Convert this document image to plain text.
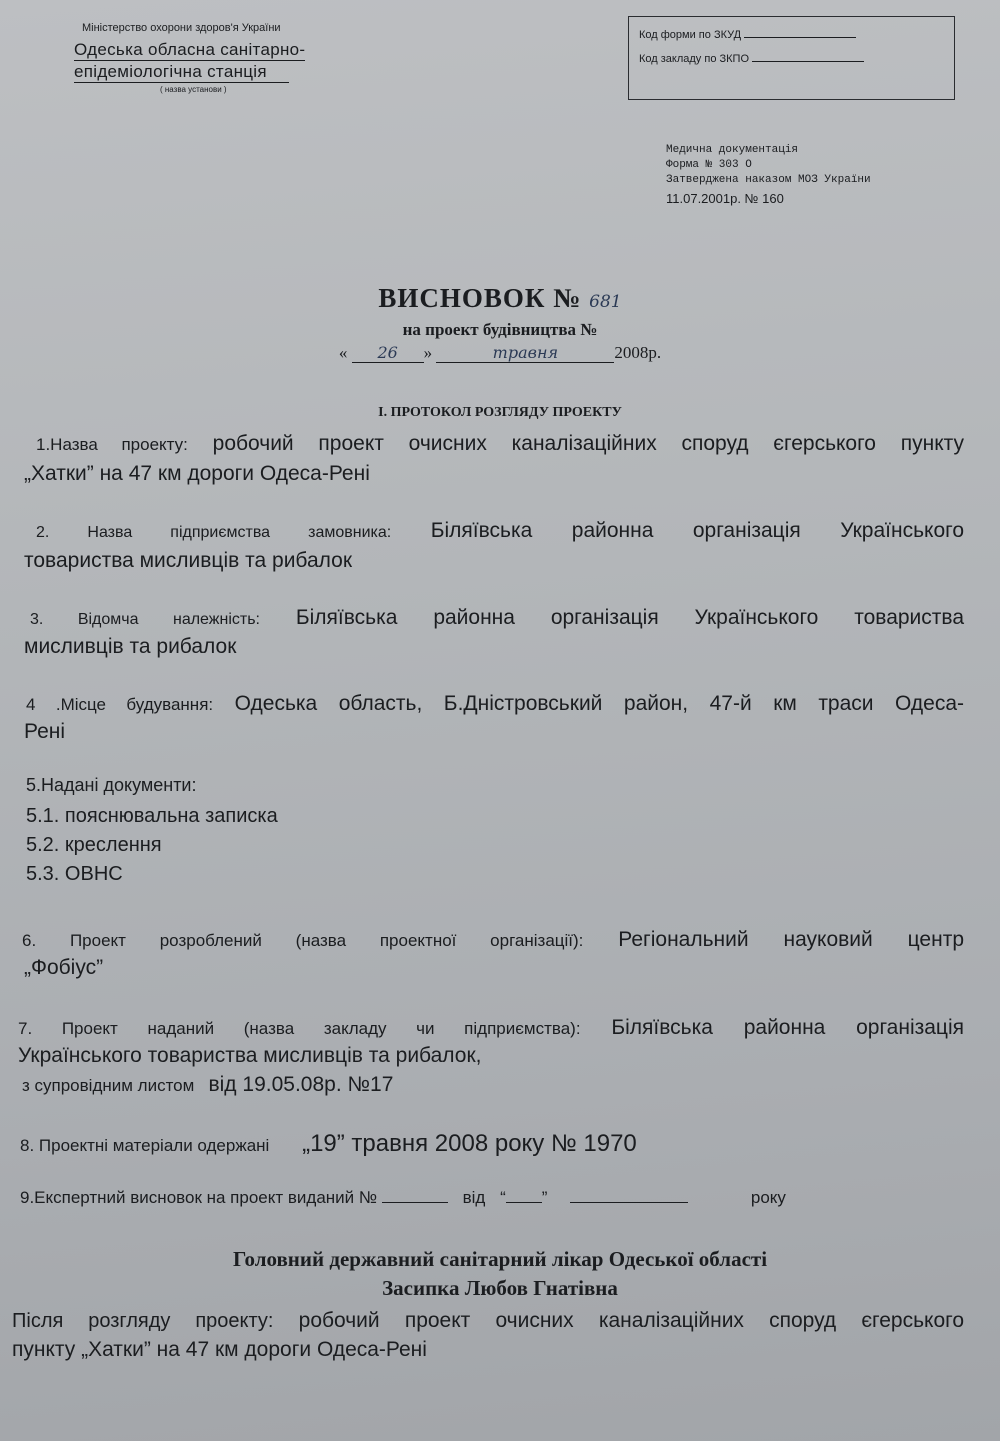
Міністерство охорони здоров'я України
Одеська обласна санітарно-
епідеміологічна станція
( назва установи )
Код форми по ЗКУД
Код закладу по ЗКПО
Медична документація
Форма № 303 О
Затверджена наказом МОЗ України
11.07.2001р. № 160
ВИСНОВОК № 681
на проект будівництва №
« 26 »	травня	2008р.
І. ПРОТОКОЛ РОЗГЛЯДУ ПРОЕКТУ
1.Назва проекту: робочий проект очисних каналізаційних споруд єгерського пункту
„Хатки” на 47 км дороги Одеса-Рені
2. Назва підприємства замовника: Біляївська районна організація Українського
товариства мисливців та рибалок
3. Відомча належність: Біляївська районна організація Українського товариства
мисливців та рибалок
4 .Місце будування: Одеська область, Б.Дністровський район, 47-й км траси Одеса-
Рені
5.Надані документи:
5.1. пояснювальна записка
5.2. креслення
5.3. ОВНС
6. Проект розроблений (назва проектної організації): Регіональний науковий центр
„Фобіус”
7. Проект наданий (назва закладу чи підприємства): Біляївська районна організація
Українського товариства мисливців та рибалок,
з супровідним листом від 19.05.08р. №17
8. Проектні матеріали одержані „19” травня 2008 року № 1970
9.Експертний висновок на проект виданий №	від “ ”	року
Головний державний санітарний лікар Одеської області
Засипка Любов Гнатівна
Після розгляду проекту: робочий проект очисних каналізаційних споруд єгерського
пункту „Хатки” на 47 км дороги Одеса-Рені
